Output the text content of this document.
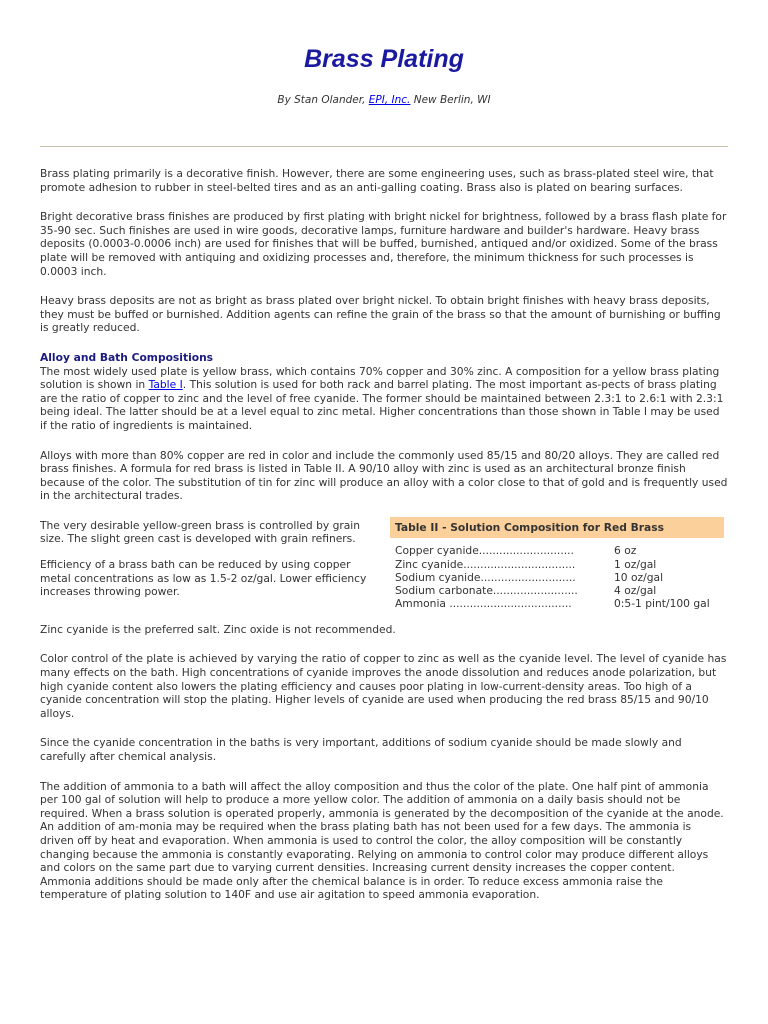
Brass Plating
By Stan Olander, EPI, Inc. New Berlin, WI

Brass plating primarily is a decorative finish. However, there are some engineering uses, such as brass-plated steel wire, that promote adhesion to rubber in steel-belted tires and as an anti-galling coating. Brass also is plated on bearing surfaces.

Bright decorative brass finishes are produced by first plating with bright nickel for brightness, followed by a brass flash plate for 35-90 sec. Such finishes are used in wire goods, decorative lamps, furniture hardware and builder's hardware. Heavy brass deposits (0.0003-0.0006 inch) are used for finishes that will be buffed, burnished, antiqued and/or oxidized. Some of the brass plate will be removed with antiquing and oxidizing processes and, therefore, the minimum thickness for such processes is 0.0003 inch.

Heavy brass deposits are not as bright as brass plated over bright nickel. To obtain bright finishes with heavy brass deposits, they must be buffed or burnished. Addition agents can refine the grain of the brass so that the amount of burnishing or buffing is greatly reduced.

Alloy and Bath Compositions

The most widely used plate is yellow brass, which contains 70% copper and 30% zinc. A composition for a yellow brass plating solution is shown in Table I. This solution is used for both rack and barrel plating. The most important as-pects of brass plating are the ratio of copper to zinc and the level of free cyanide. The former should be maintained between 2.3:1 to 2.6:1 with 2.3:1 being ideal. The latter should be at a level equal to zinc metal. Higher concentrations than those shown in Table I may be used if the ratio of ingredients is maintained.

Alloys with more than 80% copper are red in color and include the commonly used 85/15 and 80/20 alloys. They are called red brass finishes. A formula for red brass is listed in Table II. A 90/10 alloy with zinc is used as an architectural bronze finish because of the color. The substitution of tin for zinc will produce an alloy with a color close to that of gold and is frequently used in the architectural trades.

The very desirable yellow-green brass is controlled by grain size. The slight green cast is developed with grain refiners.

Efficiency of a brass bath can be reduced by using copper metal concentrations as low as 1.5-2 oz/gal. Lower efficiency increases throwing power.

Table II - Solution Composition for Red Brass
Copper cyanide............................	6 oz
Zinc cyanide.................................	1 oz/gal
Sodium cyanide............................	10 oz/gal
Sodium carbonate.........................	4 oz/gal
Ammonia ....................................	0:5-1 pint/100 gal

Zinc cyanide is the preferred salt. Zinc oxide is not recommended.

Color control of the plate is achieved by varying the ratio of copper to zinc as well as the cyanide level. The level of cyanide has many effects on the bath. High concentrations of cyanide improves the anode dissolution and reduces anode polarization, but high cyanide content also lowers the plating efficiency and causes poor plating in low-current-density areas. Too high of a cyanide concentration will stop the plating. Higher levels of cyanide are used when producing the red brass 85/15 and 90/10 alloys.

Since the cyanide concentration in the baths is very important, additions of sodium cyanide should be made slowly and carefully after chemical analysis.

The addition of ammonia to a bath will affect the alloy composition and thus the color of the plate. One half pint of ammonia per 100 gal of solution will help to produce a more yellow color. The addition of ammonia on a daily basis should not be required. When a brass solution is operated properly, ammonia is generated by the decomposition of the cyanide at the anode. An addition of am-monia may be required when the brass plating bath has not been used for a few days. The ammonia is driven off by heat and evaporation. When ammonia is used to control the color, the alloy composition will be constantly changing because the ammonia is constantly evaporating. Relying on ammonia to control color may produce different alloys and colors on the same part due to varying current densities. Increasing current density increases the copper content. Ammonia additions should be made only after the chemical balance is in order. To reduce excess ammonia raise the temperature of plating solution to 140F and use air agitation to speed ammonia evaporation.
